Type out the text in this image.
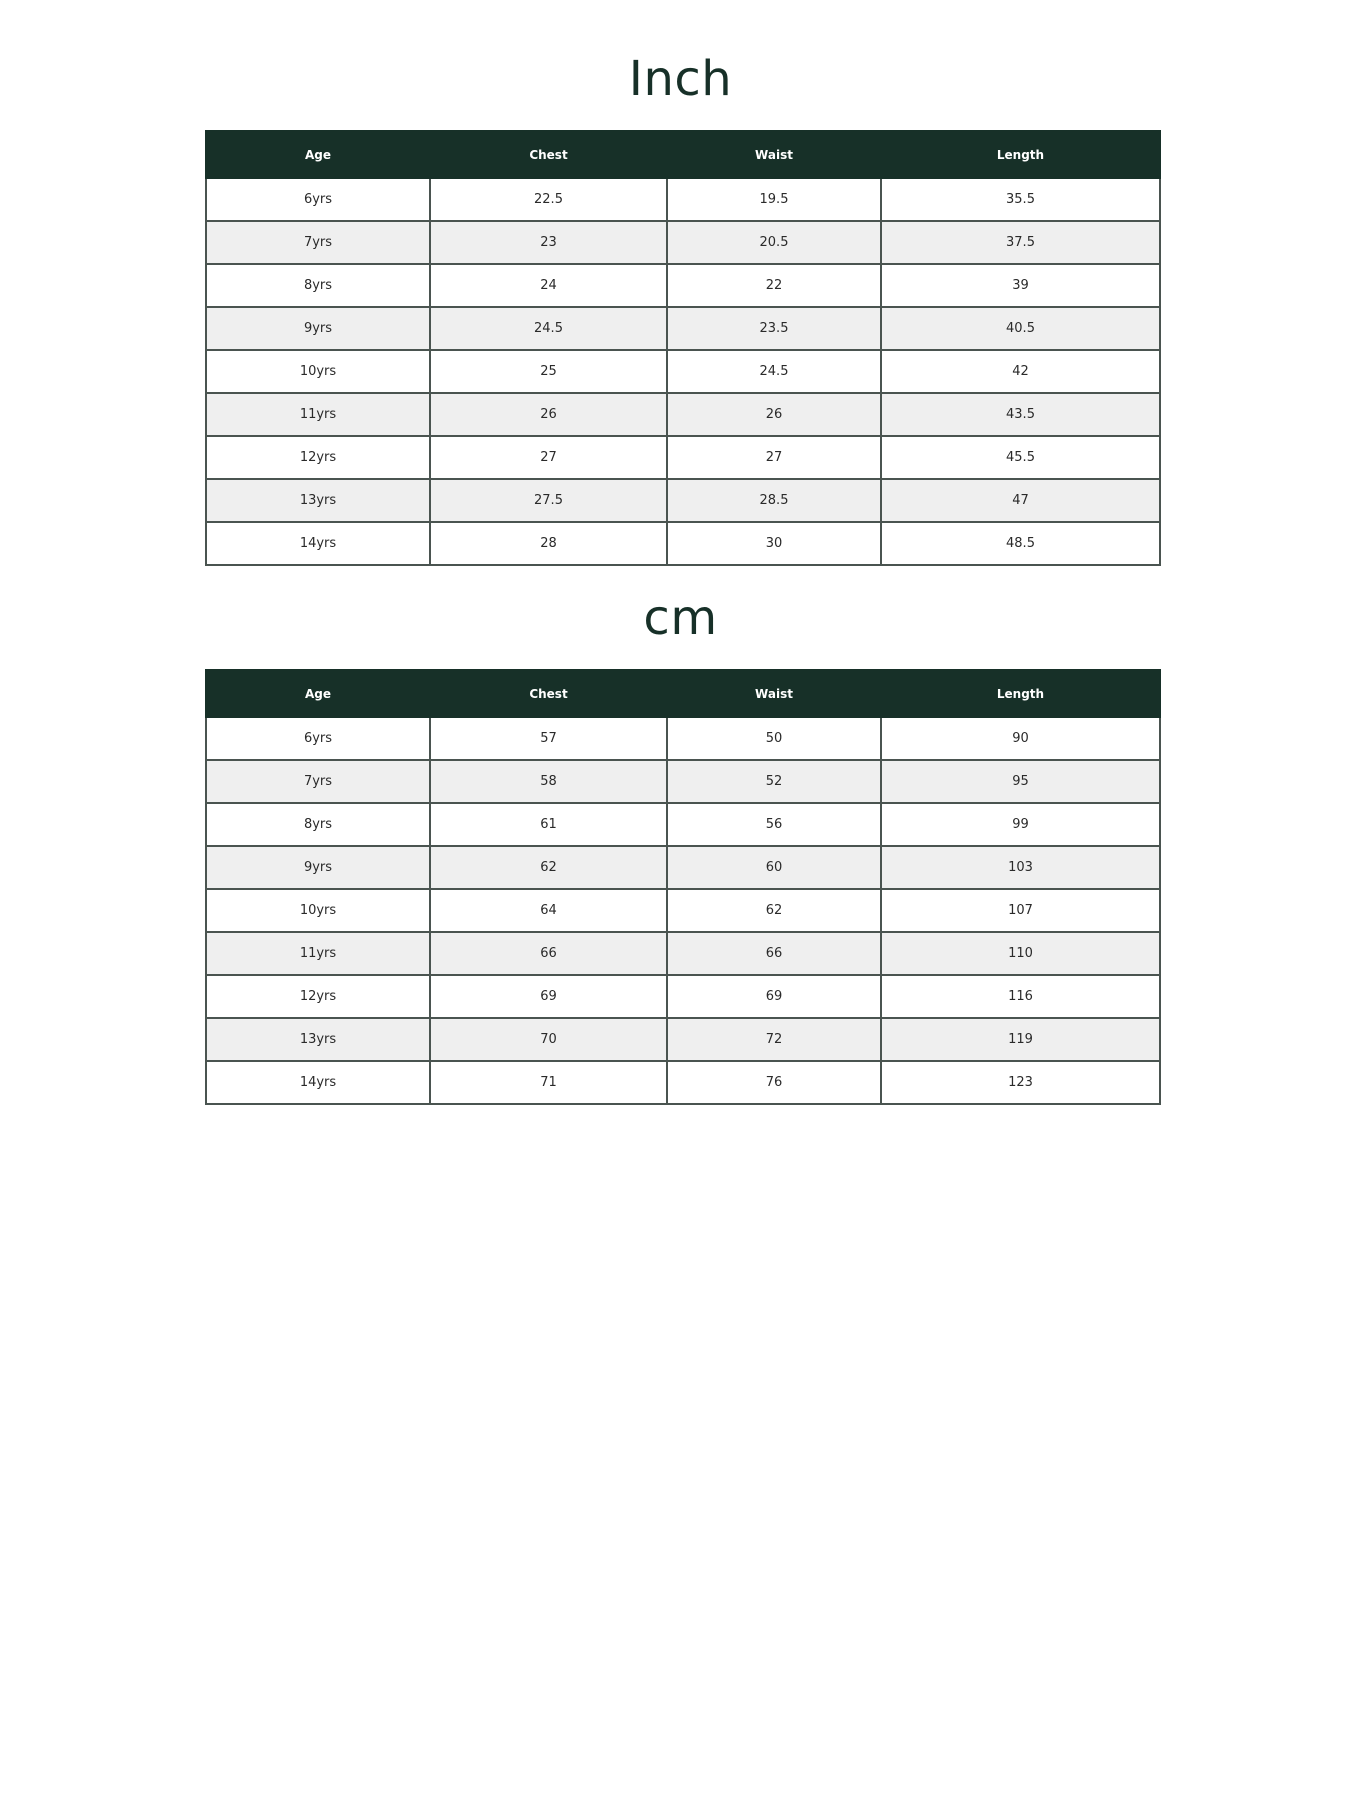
Inch
Age	Chest	Waist	Length
6yrs	22.5	19.5	35.5
7yrs	23	20.5	37.5
8yrs	24	22	39
9yrs	24.5	23.5	40.5
10yrs	25	24.5	42
11yrs	26	26	43.5
12yrs	27	27	45.5
13yrs	27.5	28.5	47
14yrs	28	30	48.5
cm
Age	Chest	Waist	Length
6yrs	57	50	90
7yrs	58	52	95
8yrs	61	56	99
9yrs	62	60	103
10yrs	64	62	107
11yrs	66	66	110
12yrs	69	69	116
13yrs	70	72	119
14yrs	71	76	123
